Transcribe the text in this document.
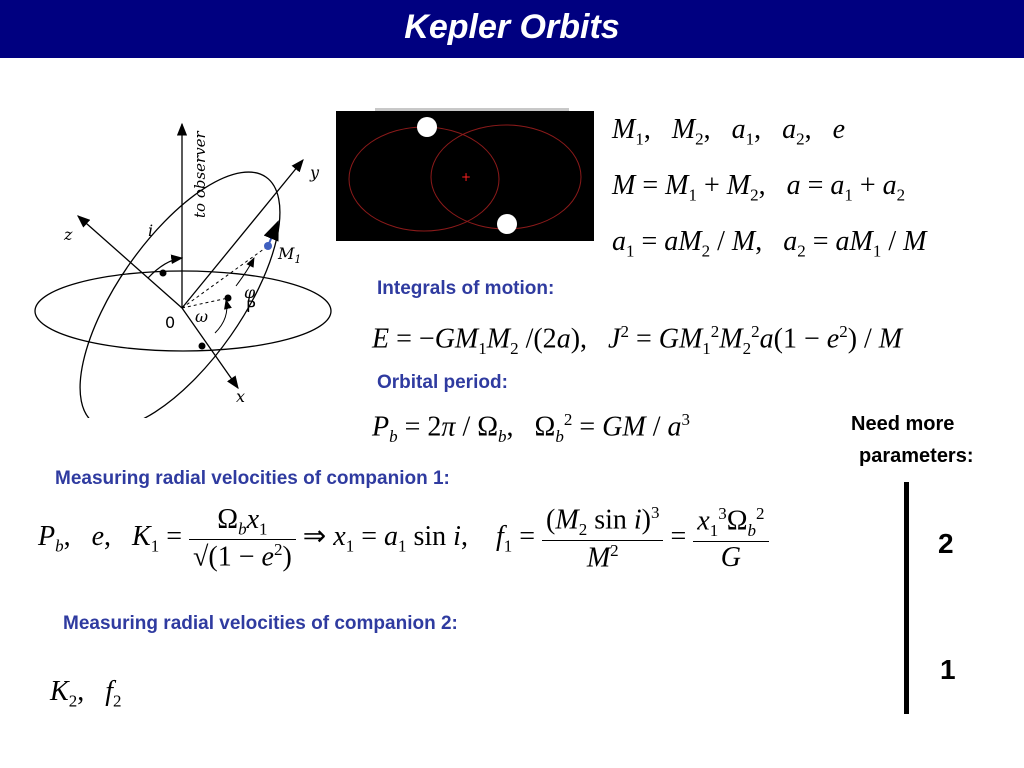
Kepler Orbits
to observer	y
z	i
$M_1$
φ
P
ω
0
x
+
$M_1$,   $M_2$,   $a_1$,   $a_2$,   e
$M = M_1 + M_2$,   $a = a_1 + a_2$
$a_1 = aM_2 / M$,   $a_2 = aM_1 / M$
Integrals of motion:
$E = -GM_1M_2$ /(2a),   $J^2 = GM_1^2M_2^2a(1 - e^2) / M$
Orbital period:
$P_b = 2\pi / \Omega_b$,   $\Omega_b^2$ = GM / $a^3$	Need more
parameters:
Measuring radial velocities of companion 1:
$P_b$,   e,   $K_1 = \frac{\Omega_bx_1}{√(1 - e^2)}$ ⇒ $x_1 = a_1$ sin i,    $f_1 = \frac{(M_2 \sin i)^3}{M^2} = \frac{x_1^3\Omega_b^2}{G}$	2
Measuring radial velocities of companion 2:
1
$K_2$,   $f_2$
